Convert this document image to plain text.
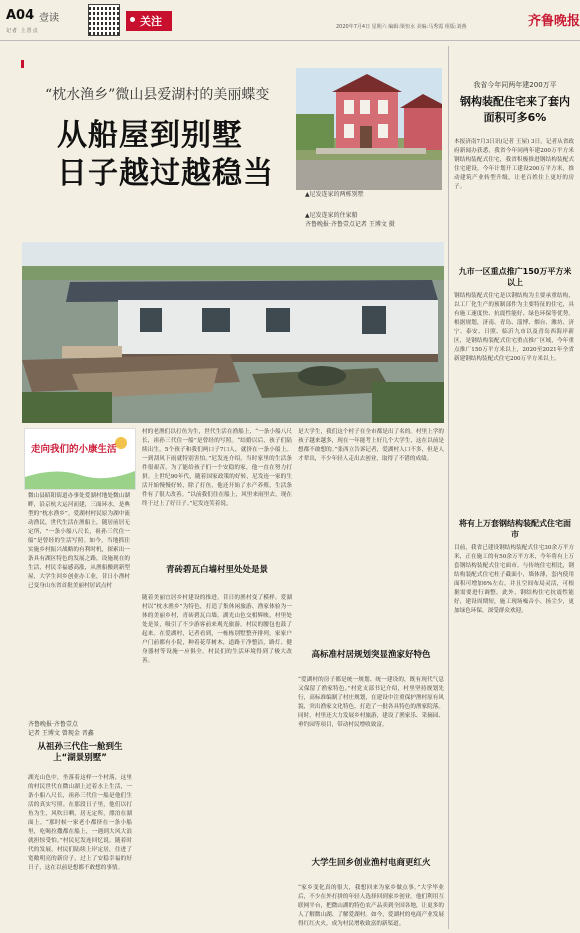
A04 壹读
记者 上晋点
关注	2020年7月4日 星期六 编辑:梁恒水 美编:马秀霞 组版:刘燕	齐鲁晚报
“枕水渔乡”微山县爱湖村的美丽蝶变
从船屋到别墅
日子越过越稳当
▲尼发连家的两栋别墅
▲尼发连家的住家船
齐鲁晚报·齐鲁壹点记者 王博文 摄
走向我们的小康生活
微山县昭阳街道办事处爱湖村地处微山湖畔，沿京杭大运河而建，三面环水，是典型的“枕水渔乡”。爱湖村村民原为湖中流动渔民，世代生活在渔船上，随居前居无定所，“一条小船八尺长，祖孙三代住一船”是曾经的生活写照。如今，当地抓住实施乡村振兴战略的有利时机，探索出一条具有湖区特色的发展之路，设施现在的生活，村民幸福感高涨，从渔船搬到新型屋，大学生回乡创业办工业，昔日小渔村已变身山东省首批美丽村居试点村
齐鲁晚报·齐鲁壹点
记者 王博文 曾现金 晋鑫
从祖孙三代住一舱到生上“湖景别墅”
湖光山色中，坐落着这样一个村落，这里的村民世代在微山湖上过着水上生活，一条小船八尺长，祖孙三代住一船是他们生活的真实写照。在那段日子里，他们以打鱼为生，风吹日晒，居无定所，漂泊在湖面上。“那时候一家老小都挤在一条小船里，吃喝拉撒都在船上，一遇到大风大浪就担惊受怕。”村民尼发连回忆说。随着时代的发展，村民们陆续上岸定居，住进了宽敞明亮的新房子，过上了安稳幸福的好日子，这在以前是想都不敢想的事情。
村的老渔们以打鱼为生，世代生活在渔船上，“一条小船八尺长，祖孙三代住一船”是曾经的写照。“结婚以后，孩子们陆续出生，5个孩子和我们两口子7口人，就挤在一条小船上。一到刮风下雨就特别害怕。”尼发连介绍，当时家里的生活条件很艰苦，为了能给孩子们一个安稳的家，他一直在努力打拼。上世纪90年代，随着国家政策的好转，尼发连一家的生活开始慢慢好转，除了打鱼，他还开始了水产养殖，生活条件有了很大改善。“以前我们住在船上，风里来雨里去，现在终于过上了好日子。”尼发连笑着说。
青砖碧瓦白墙村里处处是景
随着美丽宜居乡村建设的推进，昔日的渔村变了模样。爱湖村以“枕水渔乡”为特色，打造了集休闲旅游、渔家体验为一体的美丽乡村，青砖碧瓦白墙，湖光山色交相辉映，村里处处是景，吸引了不少游客前来观光旅游，村民的腰包也鼓了起来。在爱湖村，记者看到，一栋栋别墅整齐排列，家家户户门前都有小院，种着花草树木，道路干净整洁，路灯、健身器材等设施一应俱全，村民们的生活环境得到了极大改善。
是大学生，我们这个村子在全市都是出了名的。村里上学的孩子越来越多，现在一年能考上好几个大学生，这在以前是想都不敢想的。”张西立告诉记者，爱湖村人口不多，但是人才辈出，不少年轻人走出去创业，取得了不错的成绩。
高标准村居规划突显渔家好特色
“爱湖村的房子都是统一规划、统一建设的，既有现代气息又保留了渔家特色。”村党支部书记介绍，村里坚持规划先行，高标准编制了村庄规划，在建设中注重保护渔村原有风貌，突出渔家文化特色，打造了一批各具特色的渔家院落。同时，村里还大力发展乡村旅游，建设了渔家乐、采摘园、垂钓园等项目，带动村民增收致富。
大学生回乡创业渔村电商更红火
“家乡变化真的很大，我想回来为家乡做点事。”大学毕业后，不少在外打拼的年轻人选择回到家乡创业。他们利用互联网平台，把微山湖的特色农产品卖到全国各地，让更多的人了解微山湖、了解爱湖村。如今，爱湖村的电商产业发展得红红火火，成为村民增收致富的新渠道。
我省今年同两年建200万平
钢构装配住宅来了套内面积可多6%
本报济南7月3日讯(记者 王屋) 3日，记者从省政府新闻办获悉，我省今年同两年建200万平方米钢结构装配式住宅，我省积极推进钢结构装配式住宅建设，今年计划开工建设200万平方米，推动建筑产业转型升级，让老百姓住上更好的房子。
九市一区重点推广150万平方米以上
钢结构装配式住宅是以钢结构为主要承重结构，以工厂化生产的预制部件为主要特征的住宅，具有施工速度快、抗震性能好、绿色环保等优势。根据规划，济南、青岛、淄博、烟台、潍坊、济宁、泰安、日照、临沂九市以及青岛西海岸新区，是钢结构装配式住宅重点推广区域，今年重点推广150万平方米以上，2020至2021年全省新建钢结构装配式住宅200万平方米以上。
将有上万套钢结构装配式住宅面市
目前，我省已建设钢结构装配式住宅30余万平方米，正在施工的有50余万平方米，今年将有上万套钢结构装配式住宅面市。与传统住宅相比，钢结构装配式住宅柱子截面小，墙体薄，套内使用面积可增加6%左右，并且空间布局灵活，可根据需要进行调整。此外，钢结构住宅抗震性能好，建设周期短，施工现场噪音小、扬尘少，更加绿色环保，深受群众欢迎。
